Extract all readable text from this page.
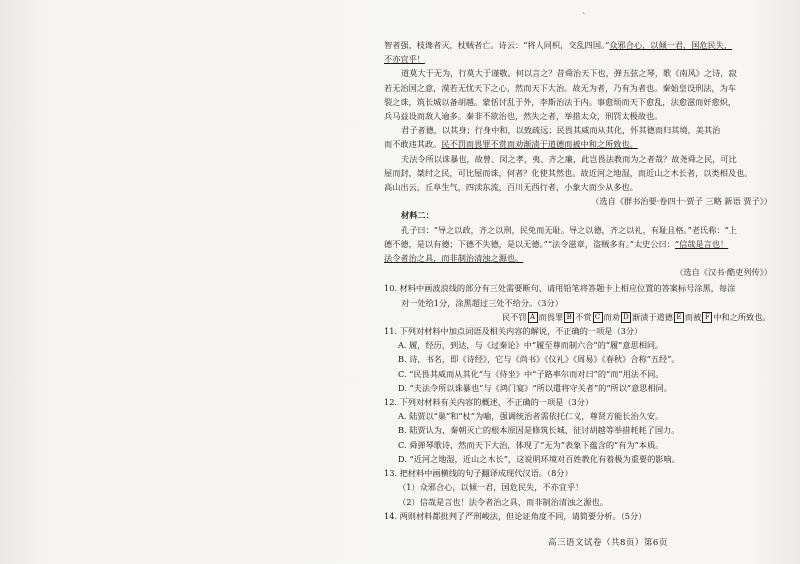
`
智者强，枝谗者灭，杖贼者亡。诗云：“将人同枳，交乱四国。”众邪合心，以倾一君，国危民失，
不亦宜乎！
道莫大于无为，行莫大于谨敬。何以言之？昔舜治天下也，弹五弦之琴，歌《南风》之诗，寂
若无治国之意，漠若无忧天下之心，然而天下大治。故无为者，乃有为者也。秦始皇设刑法，为车
裂之诛，筑长城以备胡越。蒙恬讨乱于外，李斯治法于内。事愈烦而天下愈乱，法愈滋而奸愈炽，
兵马益设而敌人逾多。秦非不欲治也，然失之者，举措太众，刑罚太极故也。
君子者德，以其身；行身中和，以致疏远；民畏其威而从其化，怀其德而归其境，美其治
而不敢违其政。民不罚而畏罪不赏而劝渐渍于道德而被中和之所致也。
夫法令所以诛暴也，故曾、闵之孝，夷、齐之廉，此岂畏法教而为之者哉？故尧舜之民，可比
屋而封，桀纣之民，可比屋而诛，何者？化使其然也。故近河之地湿，而近山之木长者，以类相及也。
高山出云，丘阜生气，四渎东流，百川无西行者，小象大而少从多也。
（选自《群书治要·卷四十·贾子 三略 新语 贾子》）
材料二：
孔子曰：“导之以政，齐之以刑，民免而无耻。导之以德，齐之以礼，有耻且格。”老氏称：“上
德不德，是以有德；下德不失德，是以无德。”“法令滋章，盗贼多有。”太史公曰：“信哉是言也！
法令者治之具，而非制治清浊之源也。
（选自《汉书·酷吏列传》）
10. 材料中画波浪线的部分有三处需要断句，请用铅笔将答题卡上相应位置的答案标号涂黑，每涂
对一处给1分，涂黑超过三处不给分。（3分）
民不罚 A 而畏罪 B 不赏 C 而劝 D 渐渍于道德 E 而被 F 中和之所致也。
11. 下列对材料中加点词语及相关内容的解说，不正确的一项是（3分）
A. 履，经历，到达，与《过秦论》中“履至尊而制六合”的“履”意思相同。
B. 诗，书名，即《诗经》，它与《尚书》《仪礼》《周易》《春秋》合称“五经”。
C. “民畏其威而从其化”与《侍坐》中“子路率尔而对曰”的“而”用法不同。
D. “夫法令所以诛暴也”与《鸿门宴》“所以遣将守关者”的“所以”意思相同。
12. 下列对材料有关内容的概述，不正确的一项是（3分）
A. 陆贾以“巢”和“杖”为喻，强调统治者需依托仁义，尊贤方能长治久安。
B. 陆贾认为，秦朝灭亡的根本原因是修筑长城、征讨胡越等举措耗耗了国力。
C. 舜弹琴歌诗，然而天下大治，体现了“无为”表象下蕴含的“有为”本质。
D. “近河之地湿，近山之木长”，这说明环境对百姓教化有着极为重要的影响。
13. 把材料中画横线的句子翻译成现代汉语。（8分）
（1）众邪合心，以倾一君，国危民失，不亦宜乎！
（2）信哉是言也！法令者治之具，而非制治清浊之源也。
14. 两则材料都批判了严刑峻法，但论证角度不同，请简要分析。（5分）
高三语文试卷（共8页）第6页
